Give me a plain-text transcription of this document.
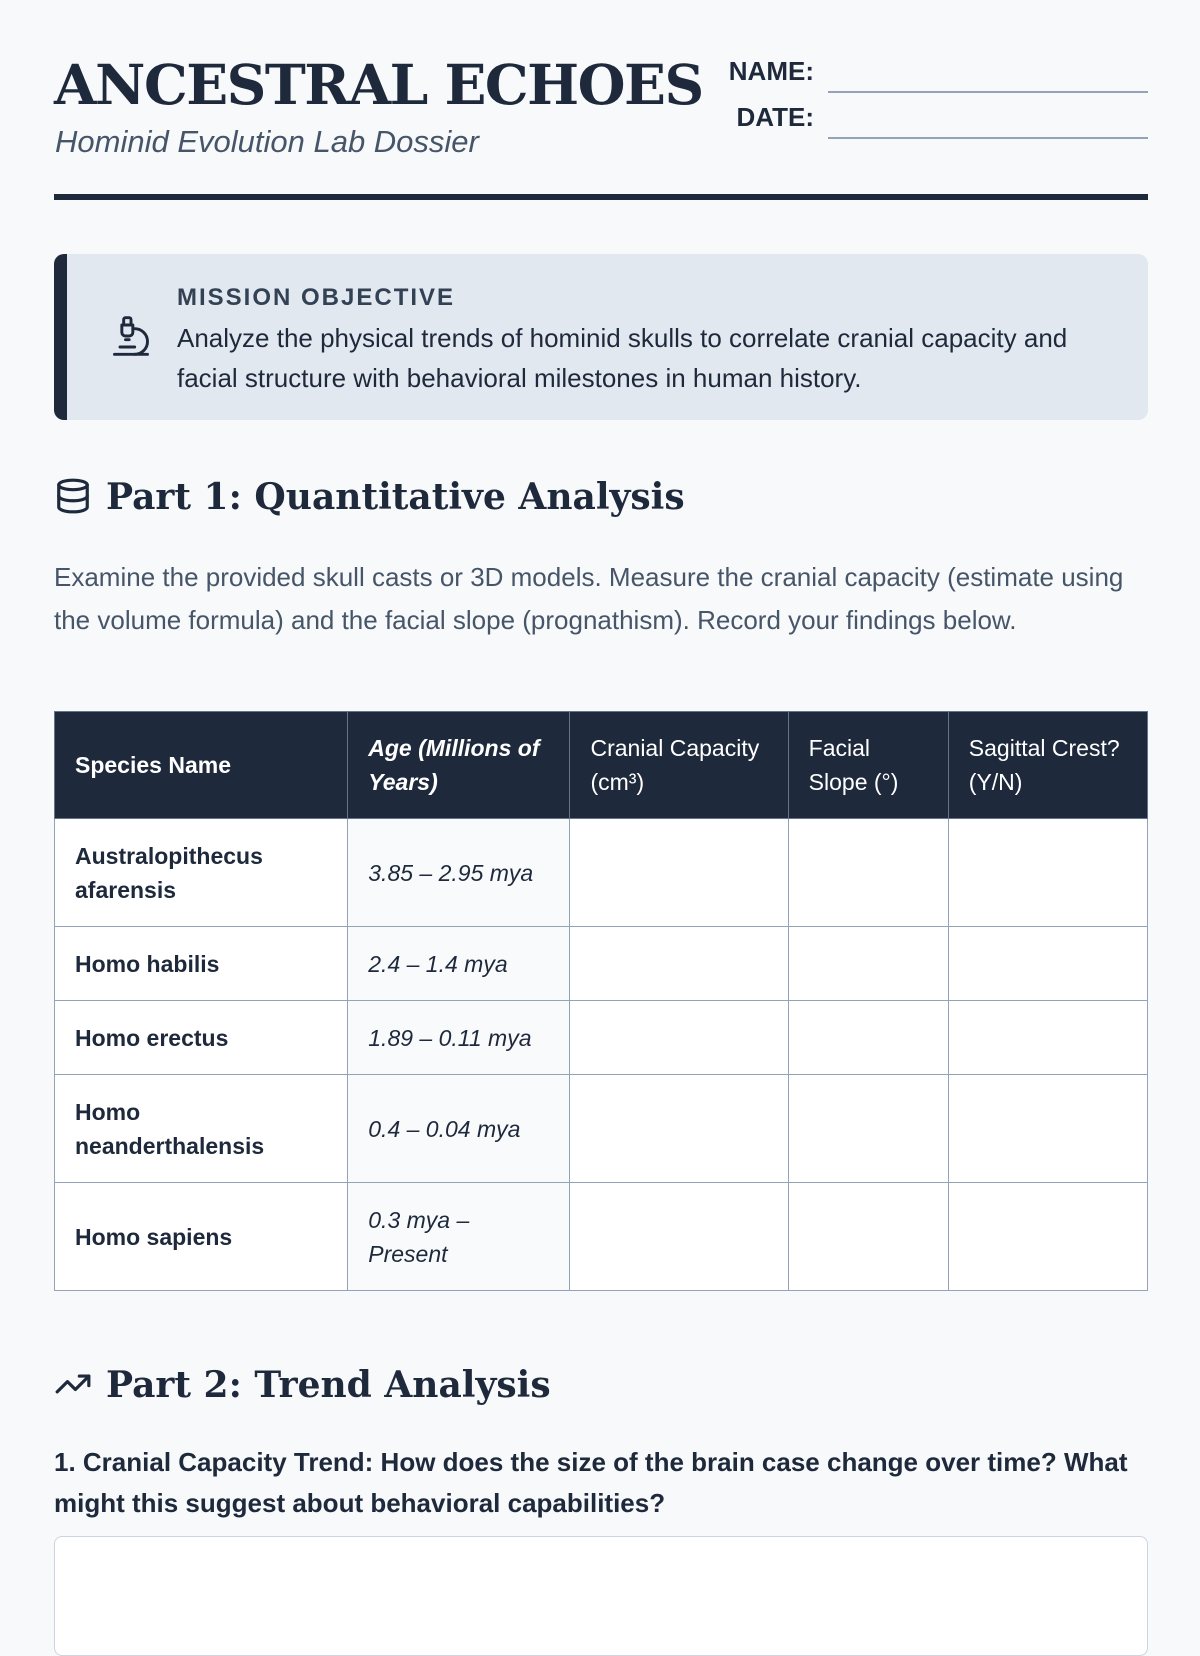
ANCESTRAL ECHOES
Hominid Evolution Lab Dossier
NAME:
DATE:
MISSION OBJECTIVE
Analyze the physical trends of hominid skulls to correlate cranial capacity and facial structure with behavioral milestones in human history.
Part 1: Quantitative Analysis

Examine the provided skull casts or 3D models. Measure the cranial capacity (estimate using the volume formula) and the facial slope (prognathism). Record your findings below.

Species Name	Age (Millions of Years)	Cranial Capacity (cm³)	Facial Slope (°)	Sagittal Crest? (Y/N)
Australopithecus afarensis	3.85 – 2.95 mya			
Homo habilis	2.4 – 1.4 mya			
Homo erectus	1.89 – 0.11 mya			
Homo neanderthalensis	0.4 – 0.04 mya			
Homo sapiens	0.3 mya – Present			
Part 2: Trend Analysis

1. Cranial Capacity Trend: How does the size of the brain case change over time? What might this suggest about behavioral capabilities?
